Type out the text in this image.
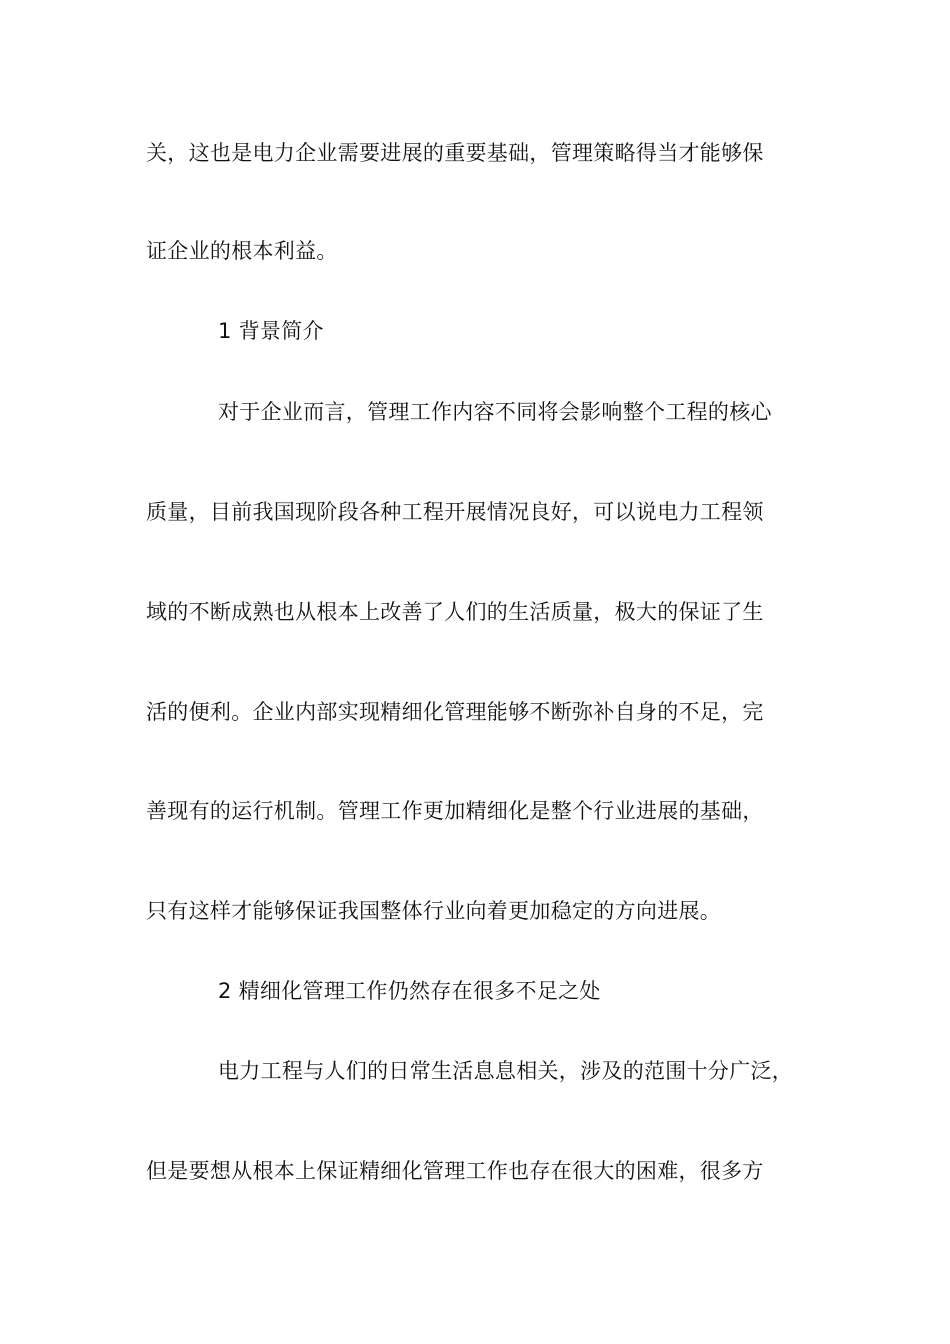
关，这也是电力企业需要进展的重要基础，管理策略得当才能够保
证企业的根本利益。
1 背景简介
对于企业而言，管理工作内容不同将会影响整个工程的核心
质量，目前我国现阶段各种工程开展情况良好，可以说电力工程领
域的不断成熟也从根本上改善了人们的生活质量，极大的保证了生
活的便利。企业内部实现精细化管理能够不断弥补自身的不足，完
善现有的运行机制。管理工作更加精细化是整个行业进展的基础，
只有这样才能够保证我国整体行业向着更加稳定的方向进展。
2 精细化管理工作仍然存在很多不足之处
电力工程与人们的日常生活息息相关，涉及的范围十分广泛，
但是要想从根本上保证精细化管理工作也存在很大的困难，很多方
